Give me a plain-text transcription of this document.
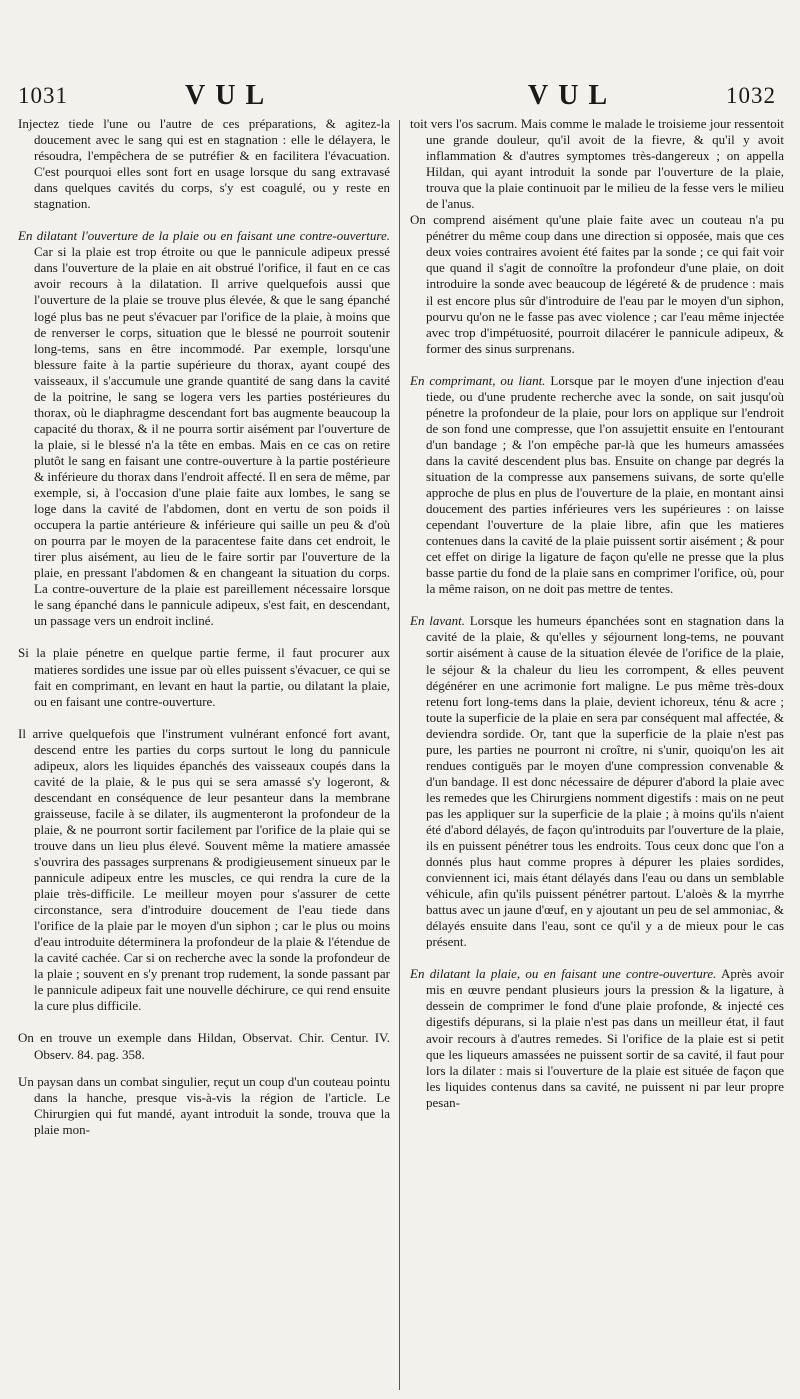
1031	VUL	VUL	1032

Injectez tiede l'une ou l'autre de ces préparations, & agitez-la doucement avec le sang qui est en stagnation : elle le délayera, le résoudra, l'empêchera de se putréfier & en facilitera l'évacuation. C'est pourquoi elles sont fort en usage lorsque du sang extravasé dans quelques cavités du corps, s'y est coagulé, ou y reste en stagnation.

En dilatant l'ouverture de la plaie ou en faisant une contre-ouverture. Car si la plaie est trop étroite ou que le pannicule adipeux pressé dans l'ouverture de la plaie en ait obstrué l'orifice, il faut en ce cas avoir recours à la dilatation. Il arrive quelquefois aussi que l'ouverture de la plaie se trouve plus élevée, & que le sang épanché logé plus bas ne peut s'évacuer par l'orifice de la plaie, à moins que de renverser le corps, situation que le blessé ne pourroit soutenir long-tems, sans en être incommodé. Par exemple, lorsqu'une blessure faite à la partie supérieure du thorax, ayant coupé des vaisseaux, il s'accumule une grande quantité de sang dans la cavité de la poitrine, le sang se logera vers les parties postérieures du thorax, où le diaphragme descendant fort bas augmente beaucoup la capacité du thorax, & il ne pourra sortir aisément par l'ouverture de la plaie, si le blessé n'a la tête en embas. Mais en ce cas on retire plutôt le sang en faisant une contre-ouverture à la partie postérieure & inférieure du thorax dans l'endroit affecté. Il en sera de même, par exemple, si, à l'occasion d'une plaie faite aux lombes, le sang se loge dans la cavité de l'abdomen, dont en vertu de son poids il occupera la partie antérieure & inférieure qui saille un peu & d'où on pourra par le moyen de la paracentese faite dans cet endroit, le tirer plus aisément, au lieu de le faire sortir par l'ouverture de la plaie, en pressant l'abdomen & en changeant la situation du corps. La contre-ouverture de la plaie est pareillement nécessaire lorsque le sang épanché dans le pannicule adipeux, s'est fait, en descendant, un passage vers un endroit incliné.

Si la plaie pénetre en quelque partie ferme, il faut procurer aux matieres sordides une issue par où elles puissent s'évacuer, ce qui se fait en comprimant, en levant en haut la partie, ou dilatant la plaie, ou en faisant une contre-ouverture.

Il arrive quelquefois que l'instrument vulnérant enfoncé fort avant, descend entre les parties du corps surtout le long du pannicule adipeux, alors les liquides épanchés des vaisseaux coupés dans la cavité de la plaie, & le pus qui se sera amassé s'y logeront, & descendant en conséquence de leur pesanteur dans la membrane graisseuse, facile à se dilater, ils augmenteront la profondeur de la plaie, & ne pourront sortir facilement par l'orifice de la plaie qui se trouve dans un lieu plus élevé. Souvent même la matiere amassée s'ouvrira des passages surprenans & prodigieusement sinueux par le pannicule adipeux entre les muscles, ce qui rendra la cure de la plaie très-difficile. Le meilleur moyen pour s'assurer de cette circonstance, sera d'introduire doucement de l'eau tiede dans l'orifice de la plaie par le moyen d'un siphon ; car le plus ou moins d'eau introduite déterminera la profondeur de la plaie & l'étendue de la cavité cachée. Car si on recherche avec la sonde la profondeur de la plaie ; souvent en s'y prenant trop rudement, la sonde passant par le pannicule adipeux fait une nouvelle déchirure, ce qui rend ensuite la cure plus difficile.

On en trouve un exemple dans Hildan, Observat. Chir. Centur. IV. Observ. 84. pag. 358.

Un paysan dans un combat singulier, reçut un coup d'un couteau pointu dans la hanche, presque vis-à-vis la région de l'article. Le Chirurgien qui fut mandé, ayant introduit la sonde, trouva que la plaie mon-

toit vers l'os sacrum. Mais comme le malade le troisieme jour ressentoit une grande douleur, qu'il avoit de la fievre, & qu'il y avoit inflammation & d'autres symptomes très-dangereux ; on appella Hildan, qui ayant introduit la sonde par l'ouverture de la plaie, trouva que la plaie continuoit par le milieu de la fesse vers le milieu de l'anus.

On comprend aisément qu'une plaie faite avec un couteau n'a pu pénétrer du même coup dans une direction si opposée, mais que ces deux voies contraires avoient été faites par la sonde ; ce qui fait voir que quand il s'agit de connoître la profondeur d'une plaie, on doit introduire la sonde avec beaucoup de légéreté & de prudence : mais il est encore plus sûr d'introduire de l'eau par le moyen d'un siphon, pourvu qu'on ne le fasse pas avec violence ; car l'eau même injectée avec trop d'impétuosité, pourroit dilacérer le pannicule adipeux, & former des sinus surprenans.

En comprimant, ou liant. Lorsque par le moyen d'une injection d'eau tiede, ou d'une prudente recherche avec la sonde, on sait jusqu'où pénetre la profondeur de la plaie, pour lors on applique sur l'endroit de son fond une compresse, que l'on assujettit ensuite en l'entourant d'un bandage ; & l'on empêche par-là que les humeurs amassées dans la cavité descendent plus bas. Ensuite on change par degrés la situation de la compresse aux pansemens suivans, de sorte qu'elle approche de plus en plus de l'ouverture de la plaie, en montant ainsi doucement des parties inférieures vers les supérieures : on laisse cependant l'ouverture de la plaie libre, afin que les matieres contenues dans la cavité de la plaie puissent sortir aisément ; & pour cet effet on dirige la ligature de façon qu'elle ne presse que la plus basse partie du fond de la plaie sans en comprimer l'orifice, où, pour la même raison, on ne doit pas mettre de tentes.

En lavant. Lorsque les humeurs épanchées sont en stagnation dans la cavité de la plaie, & qu'elles y séjournent long-tems, ne pouvant sortir aisément à cause de la situation élevée de l'orifice de la plaie, le séjour & la chaleur du lieu les corrompent, & elles peuvent dégénérer en une acrimonie fort maligne. Le pus même très-doux retenu fort long-tems dans la plaie, devient ichoreux, ténu & acre ; toute la superficie de la plaie en sera par conséquent mal affectée, & deviendra sordide. Or, tant que la superficie de la plaie n'est pas pure, les parties ne pourront ni croître, ni s'unir, quoiqu'on les ait rendues contiguës par le moyen d'une compression convenable & d'un bandage. Il est donc nécessaire de dépurer d'abord la plaie avec les remedes que les Chirurgiens nomment digestifs : mais on ne peut pas les appliquer sur la superficie de la plaie ; à moins qu'ils n'aient été d'abord délayés, de façon qu'introduits par l'ouverture de la plaie, ils en puissent pénétrer tous les endroits. Tous ceux donc que l'on a donnés plus haut comme propres à dépurer les plaies sordides, conviennent ici, mais étant délayés dans l'eau ou dans un semblable véhicule, afin qu'ils puissent pénétrer partout. L'aloès & la myrrhe battus avec un jaune d'œuf, en y ajoutant un peu de sel ammoniac, & délayés ensuite dans l'eau, sont ce qu'il y a de mieux pour le cas présent.

En dilatant la plaie, ou en faisant une contre-ouverture. Après avoir mis en œuvre pendant plusieurs jours la pression & la ligature, à dessein de comprimer le fond d'une plaie profonde, & injecté ces digestifs dépurans, si la plaie n'est pas dans un meilleur état, il faut avoir recours à d'autres remedes. Si l'orifice de la plaie est si petit que les liqueurs amassées ne puissent sortir de sa cavité, il faut pour lors la dilater : mais si l'ouverture de la plaie est située de façon que les liquides contenus dans sa cavité, ne puissent ni par leur propre pesan-
